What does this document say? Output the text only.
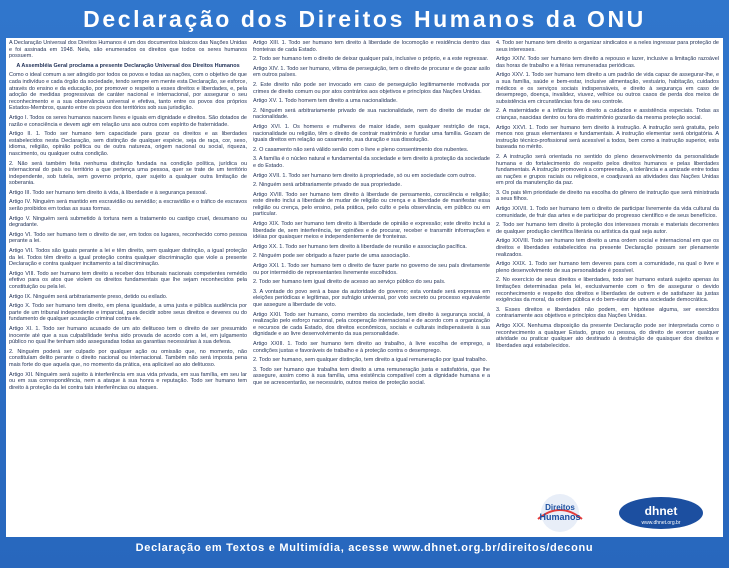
Declaração dos Direitos Humanos da ONU

A Declaração Universal dos Direitos Humanos é um dos documentos básicos das Nações Unidas e foi assinada em 1948. Nela, são enumerados os direitos que todos os seres humanos possuem.

A Assembléia Geral proclama a presente Declaração Universal dos Direitos Humanos

Como o ideal comum a ser atingido por todos os povos e todas as nações, com o objetivo de que cada indivíduo e cada órgão da sociedade, tendo sempre em mente esta Declaração, se esforce, através do ensino e da educação, por promover o respeito a esses direitos e liberdades, e, pela adoção de medidas progressivas de caráter nacional e internacional, por assegurar o seu reconhecimento e a sua observância universal e efetiva, tanto entre os povos dos próprios Estados-Membros, quanto entre os povos dos territórios sob sua jurisdição.

Artigo I. Todos os seres humanos nascem livres e iguais em dignidade e direitos. São dotados de razão e consciência e devem agir em relação uns aos outros com espírito de fraternidade.

Artigo II. 1. Todo ser humano tem capacidade para gozar os direitos e as liberdades estabelecidos nesta Declaração, sem distinção de qualquer espécie, seja de raça, cor, sexo, idioma, religião, opinião política ou de outra natureza, origem nacional ou social, riqueza, nascimento, ou qualquer outra condição.

2. Não será também feita nenhuma distinção fundada na condição política, jurídica ou internacional do país ou território a que pertença uma pessoa, quer se trate de um território independente, sob tutela, sem governo próprio, quer sujeito a qualquer outra limitação de soberania.

Artigo III. Todo ser humano tem direito à vida, à liberdade e à segurança pessoal.

Artigo IV. Ninguém será mantido em escravidão ou servidão; a escravidão e o tráfico de escravos serão proibidos em todas as suas formas.

Artigo V. Ninguém será submetido à tortura nem a tratamento ou castigo cruel, desumano ou degradante.

Artigo VI. Todo ser humano tem o direito de ser, em todos os lugares, reconhecido como pessoa perante a lei.

Artigo VII. Todos são iguais perante a lei e têm direito, sem qualquer distinção, a igual proteção da lei. Todos têm direito a igual proteção contra qualquer discriminação que viole a presente Declaração e contra qualquer incitamento a tal discriminação.

Artigo VIII. Todo ser humano tem direito a receber dos tribunais nacionais competentes remédio efetivo para os atos que violem os direitos fundamentais que lhe sejam reconhecidos pela constituição ou pela lei.

Artigo IX. Ninguém será arbitrariamente preso, detido ou exilado.

Artigo X. Todo ser humano tem direito, em plena igualdade, a uma justa e pública audiência por parte de um tribunal independente e imparcial, para decidir sobre seus direitos e deveres ou do fundamento de qualquer acusação criminal contra ele.

Artigo XI. 1. Todo ser humano acusado de um ato delituoso tem o direito de ser presumido inocente até que a sua culpabilidade tenha sido provada de acordo com a lei, em julgamento público no qual lhe tenham sido asseguradas todas as garantias necessárias à sua defesa.

2. Ninguém poderá ser culpado por qualquer ação ou omissão que, no momento, não constituíam delito perante o direito nacional ou internacional. Também não será imposta pena mais forte do que aquela que, no momento da prática, era aplicável ao ato delituoso.

Artigo XII. Ninguém será sujeito à interferência em sua vida privada, em sua família, em seu lar ou em sua correspondência, nem a ataque à sua honra e reputação. Todo ser humano tem direito à proteção da lei contra tais interferências ou ataques.

Artigo XIII. 1. Todo ser humano tem direito à liberdade de locomoção e residência dentro das fronteiras de cada Estado.

2. Todo ser humano tem o direito de deixar qualquer país, inclusive o próprio, e a este regressar.

Artigo XIV. 1. Todo ser humano, vítima de perseguição, tem o direito de procurar e de gozar asilo em outros países.

2. Este direito não pode ser invocado em caso de perseguição legitimamente motivada por crimes de direito comum ou por atos contrários aos objetivos e princípios das Nações Unidas.

Artigo XV. 1. Todo homem tem direito a uma nacionalidade.

2. Ninguém será arbitrariamente privado de sua nacionalidade, nem do direito de mudar de nacionalidade.

Artigo XVI. 1. Os homens e mulheres de maior idade, sem qualquer restrição de raça, nacionalidade ou religião, têm o direito de contrair matrimônio e fundar uma família. Gozam de iguais direitos em relação ao casamento, sua duração e sua dissolução.

2. O casamento não será válido senão com o livre e pleno consentimento dos nubentes.

3. A família é o núcleo natural e fundamental da sociedade e tem direito à proteção da sociedade e do Estado.

Artigo XVII. 1. Todo ser humano tem direito à propriedade, só ou em sociedade com outros.

2. Ninguém será arbitrariamente privado de sua propriedade.

Artigo XVIII. Todo ser humano tem direito à liberdade de pensamento, consciência e religião; este direito inclui a liberdade de mudar de religião ou crença e a liberdade de manifestar essa religião ou crença, pelo ensino, pela prática, pelo culto e pela observância, em público ou em particular.

Artigo XIX. Todo ser humano tem direito à liberdade de opinião e expressão; este direito inclui a liberdade de, sem interferência, ter opiniões e de procurar, receber e transmitir informações e idéias por quaisquer meios e independentemente de fronteiras.

Artigo XX. 1. Todo ser humano tem direito à liberdade de reunião e associação pacífica.

2. Ninguém pode ser obrigado a fazer parte de uma associação.

Artigo XXI. 1. Todo ser humano tem o direito de fazer parte no governo de seu país diretamente ou por intermédio de representantes livremente escolhidos.

2. Todo ser humano tem igual direito de acesso ao serviço público do seu país.

3. A vontade do povo será a base da autoridade do governo; esta vontade será expressa em eleições periódicas e legítimas, por sufrágio universal, por voto secreto ou processo equivalente que assegure a liberdade de voto.

Artigo XXII. Todo ser humano, como membro da sociedade, tem direito à segurança social, à realização pelo esforço nacional, pela cooperação internacional e de acordo com a organização e recursos de cada Estado, dos direitos econômicos, sociais e culturais indispensáveis à sua dignidade e ao livre desenvolvimento da sua personalidade.

Artigo XXIII. 1. Todo ser humano tem direito ao trabalho, à livre escolha de emprego, a condições justas e favoráveis de trabalho e à proteção contra o desemprego.

2. Todo ser humano, sem qualquer distinção, tem direito a igual remuneração por igual trabalho.

3. Todo ser humano que trabalha tem direito a uma remuneração justa e satisfatória, que lhe assegure, assim como à sua família, uma existência compatível com a dignidade humana e a que se acrescentarão, se necessário, outros meios de proteção social.

4. Todo ser humano tem direito a organizar sindicatos e a neles ingressar para proteção de seus interesses.

Artigo XXIV. Todo ser humano tem direito a repouso e lazer, inclusive a limitação razoável das horas de trabalho e a férias remuneradas periódicas.

Artigo XXV. 1. Todo ser humano tem direito a um padrão de vida capaz de assegurar-lhe, e a sua família, saúde e bem-estar, inclusive alimentação, vestuário, habitação, cuidados médicos e os serviços sociais indispensáveis, e direito à segurança em caso de desemprego, doença, invalidez, viuvez, velhice ou outros casos de perda dos meios de subsistência em circunstâncias fora de seu controle.

2. A maternidade e a infância têm direito a cuidados e assistência especiais. Todas as crianças, nascidas dentro ou fora do matrimônio gozarão da mesma proteção social.

Artigo XXVI. 1. Todo ser humano tem direito à instrução. A instrução será gratuita, pelo menos nos graus elementares e fundamentais. A instrução elementar será obrigatória. A instrução técnico-profissional será acessível a todos, bem como a instrução superior, esta baseada no mérito.

2. A instrução será orientada no sentido do pleno desenvolvimento da personalidade humana e do fortalecimento do respeito pelos direitos humanos e pelas liberdades fundamentais. A instrução promoverá a compreensão, a tolerância e a amizade entre todas as nações e grupos raciais ou religiosos, e coadjuvará as atividades das Nações Unidas em prol da manutenção da paz.

3. Os pais têm prioridade de direito na escolha do gênero de instrução que será ministrada a seus filhos.

Artigo XXVII. 1. Todo ser humano tem o direito de participar livremente da vida cultural da comunidade, de fruir das artes e de participar do progresso científico e de seus benefícios.

2. Todo ser humano tem direito à proteção dos interesses morais e materiais decorrentes de qualquer produção científica literária ou artística da qual seja autor.

Artigo XXVIII. Todo ser humano tem direito a uma ordem social e internacional em que os direitos e liberdades estabelecidos na presente Declaração possam ser plenamente realizados.

Artigo XXIX. 1. Todo ser humano tem deveres para com a comunidade, na qual o livre e pleno desenvolvimento de sua personalidade é possível.

2. No exercício de seus direitos e liberdades, todo ser humano estará sujeito apenas às limitações determinadas pela lei, exclusivamente com o fim de assegurar o devido reconhecimento e respeito dos direitos e liberdades de outrem e de satisfazer às justas exigências da moral, da ordem pública e do bem-estar de uma sociedade democrática.

3. Esses direitos e liberdades não podem, em hipótese alguma, ser exercidos contrariamente aos objetivos e princípios das Nações Unidas.

Artigo XXX. Nenhuma disposição da presente Declaração pode ser interpretada como o reconhecimento a qualquer Estado, grupo ou pessoa, do direito de exercer qualquer atividade ou praticar qualquer ato destinado à destruição de quaisquer dos direitos e liberdades aqui estabelecidos.

Direitos
Humanos	dhnet
www.dhnet.org.br
Declaração em Textos e Multimídia, acesse www.dhnet.org.br/direitos/deconu
